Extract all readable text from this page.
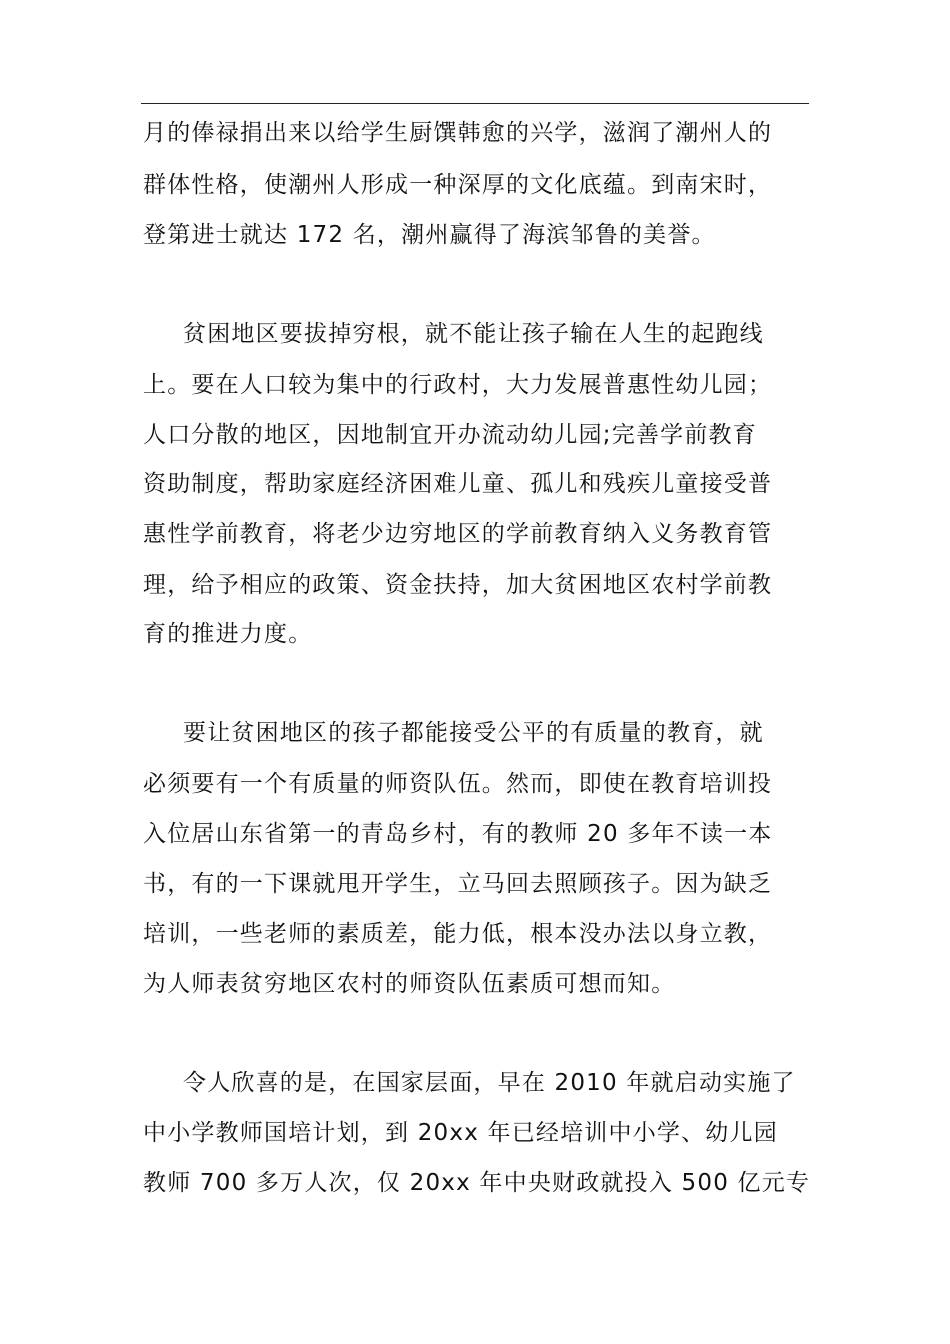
月的俸禄捐出来以给学生厨馔韩愈的兴学，滋润了潮州人的
群体性格，使潮州人形成一种深厚的文化底蕴。到南宋时，
登第进士就达 172 名，潮州赢得了海滨邹鲁的美誉。
贫困地区要拔掉穷根，就不能让孩子输在人生的起跑线
上。要在人口较为集中的行政村，大力发展普惠性幼儿园；
人口分散的地区，因地制宜开办流动幼儿园;完善学前教育
资助制度，帮助家庭经济困难儿童、孤儿和残疾儿童接受普
惠性学前教育，将老少边穷地区的学前教育纳入义务教育管
理，给予相应的政策、资金扶持，加大贫困地区农村学前教
育的推进力度。
要让贫困地区的孩子都能接受公平的有质量的教育，就
必须要有一个有质量的师资队伍。然而，即使在教育培训投
入位居山东省第一的青岛乡村，有的教师 20 多年不读一本
书，有的一下课就甩开学生，立马回去照顾孩子。因为缺乏
培训，一些老师的素质差，能力低，根本没办法以身立教，
为人师表贫穷地区农村的师资队伍素质可想而知。
令人欣喜的是，在国家层面，早在 2010 年就启动实施了
中小学教师国培计划，到 20xx 年已经培训中小学、幼儿园
教师 700 多万人次，仅 20xx 年中央财政就投入 500 亿元专
